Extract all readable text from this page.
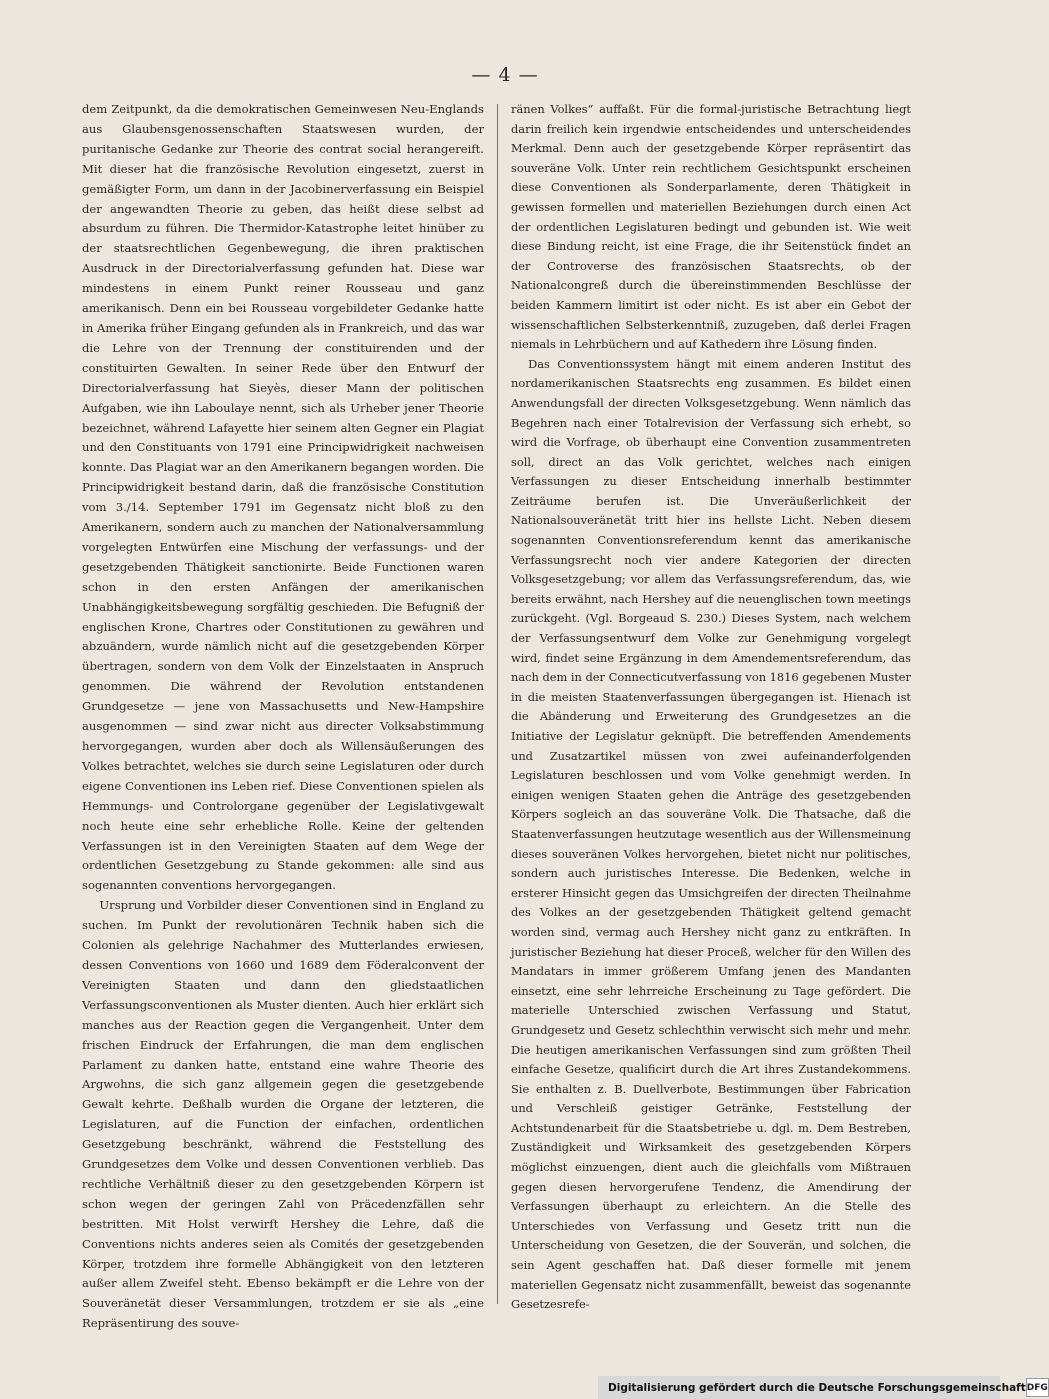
— 4 —

dem Zeitpunkt, da die demokratischen Gemeinwesen Neu-Englands aus Glaubensgenossenschaften Staatswesen wurden, der puritanische Gedanke zur Theorie des contrat social herangereift. Mit dieser hat die französische Revolution eingesetzt, zuerst in gemäßigter Form, um dann in der Jacobinerverfassung ein Beispiel der angewandten Theorie zu geben, das heißt diese selbst ad absurdum zu führen. Die Thermidor-Katastrophe leitet hinüber zu der staatsrechtlichen Gegenbewegung, die ihren praktischen Ausdruck in der Directorialverfassung gefunden hat. Diese war mindestens in einem Punkt reiner Rousseau und ganz amerikanisch. Denn ein bei Rousseau vorgebildeter Gedanke hatte in Amerika früher Eingang gefunden als in Frankreich, und das war die Lehre von der Trennung der constituirenden und der constituirten Gewalten. In seiner Rede über den Entwurf der Directorialverfassung hat Sieyès, dieser Mann der politischen Aufgaben, wie ihn Laboulaye nennt, sich als Urheber jener Theorie bezeichnet, während Lafayette hier seinem alten Gegner ein Plagiat und den Constituants von 1791 eine Principwidrigkeit nachweisen konnte. Das Plagiat war an den Amerikanern begangen worden. Die Principwidrigkeit bestand darin, daß die französische Constitution vom 3./14. September 1791 im Gegensatz nicht bloß zu den Amerikanern, sondern auch zu manchen der Nationalversammlung vorgelegten Entwürfen eine Mischung der verfassungs- und der gesetzgebenden Thätigkeit sanctionirte. Beide Functionen waren schon in den ersten Anfängen der amerikanischen Unabhängigkeitsbewegung sorgfältig geschieden. Die Befugniß der englischen Krone, Chartres oder Constitutionen zu gewähren und abzuändern, wurde nämlich nicht auf die gesetzgebenden Körper übertragen, sondern von dem Volk der Einzelstaaten in Anspruch genommen. Die während der Revolution entstandenen Grundgesetze — jene von Massachusetts und New-Hampshire ausgenommen — sind zwar nicht aus directer Volksabstimmung hervorgegangen, wurden aber doch als Willensäußerungen des Volkes betrachtet, welches sie durch seine Legislaturen oder durch eigene Conventionen ins Leben rief. Diese Conventionen spielen als Hemmungs- und Controlorgane gegenüber der Legislativgewalt noch heute eine sehr erhebliche Rolle. Keine der geltenden Verfassungen ist in den Vereinigten Staaten auf dem Wege der ordentlichen Gesetzgebung zu Stande gekommen: alle sind aus sogenannten conventions hervorgegangen.

Ursprung und Vorbilder dieser Conventionen sind in England zu suchen. Im Punkt der revolutionären Technik haben sich die Colonien als gelehrige Nachahmer des Mutterlandes erwiesen, dessen Conventions von 1660 und 1689 dem Föderalconvent der Vereinigten Staaten und dann den gliedstaatlichen Verfassungsconventionen als Muster dienten. Auch hier erklärt sich manches aus der Reaction gegen die Vergangenheit. Unter dem frischen Eindruck der Erfahrungen, die man dem englischen Parlament zu danken hatte, entstand eine wahre Theorie des Argwohns, die sich ganz allgemein gegen die gesetzgebende Gewalt kehrte. Deßhalb wurden die Organe der letzteren, die Legislaturen, auf die Function der einfachen, ordentlichen Gesetzgebung beschränkt, während die Feststellung des Grundgesetzes dem Volke und dessen Conventionen verblieb. Das rechtliche Verhältniß dieser zu den gesetzgebenden Körpern ist schon wegen der geringen Zahl von Präcedenzfällen sehr bestritten. Mit Holst verwirft Hershey die Lehre, daß die Conventions nichts anderes seien als Comités der gesetzgebenden Körper, trotzdem ihre formelle Abhängigkeit von den letzteren außer allem Zweifel steht. Ebenso bekämpft er die Lehre von der Souveränetät dieser Versammlungen, trotzdem er sie als „eine Repräsentirung des souve-

ränen Volkes“ auffaßt. Für die formal-juristische Betrachtung liegt darin freilich kein irgendwie entscheidendes und unterscheidendes Merkmal. Denn auch der gesetzgebende Körper repräsentirt das souveräne Volk. Unter rein rechtlichem Gesichtspunkt erscheinen diese Conventionen als Sonderparlamente, deren Thätigkeit in gewissen formellen und materiellen Beziehungen durch einen Act der ordentlichen Legislaturen bedingt und gebunden ist. Wie weit diese Bindung reicht, ist eine Frage, die ihr Seitenstück findet an der Controverse des französischen Staatsrechts, ob der Nationalcongreß durch die übereinstimmenden Beschlüsse der beiden Kammern limitirt ist oder nicht. Es ist aber ein Gebot der wissenschaftlichen Selbsterkenntniß, zuzugeben, daß derlei Fragen niemals in Lehrbüchern und auf Kathedern ihre Lösung finden.

Das Conventionssystem hängt mit einem anderen Institut des nordamerikanischen Staatsrechts eng zusammen. Es bildet einen Anwendungsfall der directen Volksgesetzgebung. Wenn nämlich das Begehren nach einer Totalrevision der Verfassung sich erhebt, so wird die Vorfrage, ob überhaupt eine Convention zusammentreten soll, direct an das Volk gerichtet, welches nach einigen Verfassungen zu dieser Entscheidung innerhalb bestimmter Zeiträume berufen ist. Die Unveräußerlichkeit der Nationalsouveränetät tritt hier ins hellste Licht. Neben diesem sogenannten Conventionsreferendum kennt das amerikanische Verfassungsrecht noch vier andere Kategorien der directen Volksgesetzgebung; vor allem das Verfassungsreferendum, das, wie bereits erwähnt, nach Hershey auf die neuenglischen town meetings zurückgeht. (Vgl. Borgeaud S. 230.) Dieses System, nach welchem der Verfassungsentwurf dem Volke zur Genehmigung vorgelegt wird, findet seine Ergänzung in dem Amendementsreferendum, das nach dem in der Connecticutverfassung von 1816 gegebenen Muster in die meisten Staatenverfassungen übergegangen ist. Hienach ist die Abänderung und Erweiterung des Grundgesetzes an die Initiative der Legislatur geknüpft. Die betreffenden Amendements und Zusatzartikel müssen von zwei aufeinanderfolgenden Legislaturen beschlossen und vom Volke genehmigt werden. In einigen wenigen Staaten gehen die Anträge des gesetzgebenden Körpers sogleich an das souveräne Volk. Die Thatsache, daß die Staatenverfassungen heutzutage wesentlich aus der Willensmeinung dieses souveränen Volkes hervorgehen, bietet nicht nur politisches, sondern auch juristisches Interesse. Die Bedenken, welche in ersterer Hinsicht gegen das Umsichgreifen der directen Theilnahme des Volkes an der gesetzgebenden Thätigkeit geltend gemacht worden sind, vermag auch Hershey nicht ganz zu entkräften. In juristischer Beziehung hat dieser Proceß, welcher für den Willen des Mandatars in immer größerem Umfang jenen des Mandanten einsetzt, eine sehr lehrreiche Erscheinung zu Tage gefördert. Die materielle Unterschied zwischen Verfassung und Statut, Grundgesetz und Gesetz schlechthin verwischt sich mehr und mehr. Die heutigen amerikanischen Verfassungen sind zum größten Theil einfache Gesetze, qualificirt durch die Art ihres Zustandekommens. Sie enthalten z. B. Duellverbote, Bestimmungen über Fabrication und Verschleiß geistiger Getränke, Feststellung der Achtstundenarbeit für die Staatsbetriebe u. dgl. m. Dem Bestreben, Zuständigkeit und Wirksamkeit des gesetzgebenden Körpers möglichst einzuengen, dient auch die gleichfalls vom Mißtrauen gegen diesen hervorgerufene Tendenz, die Amendirung der Verfassungen überhaupt zu erleichtern. An die Stelle des Unterschiedes von Verfassung und Gesetz tritt nun die Unterscheidung von Gesetzen, die der Souverän, und solchen, die sein Agent geschaffen hat. Daß dieser formelle mit jenem materiellen Gegensatz nicht zusammenfällt, beweist das sogenannte Gesetzesrefe-

Digitalisierung gefördert durch die Deutsche Forschungsgemeinschaft DFG
